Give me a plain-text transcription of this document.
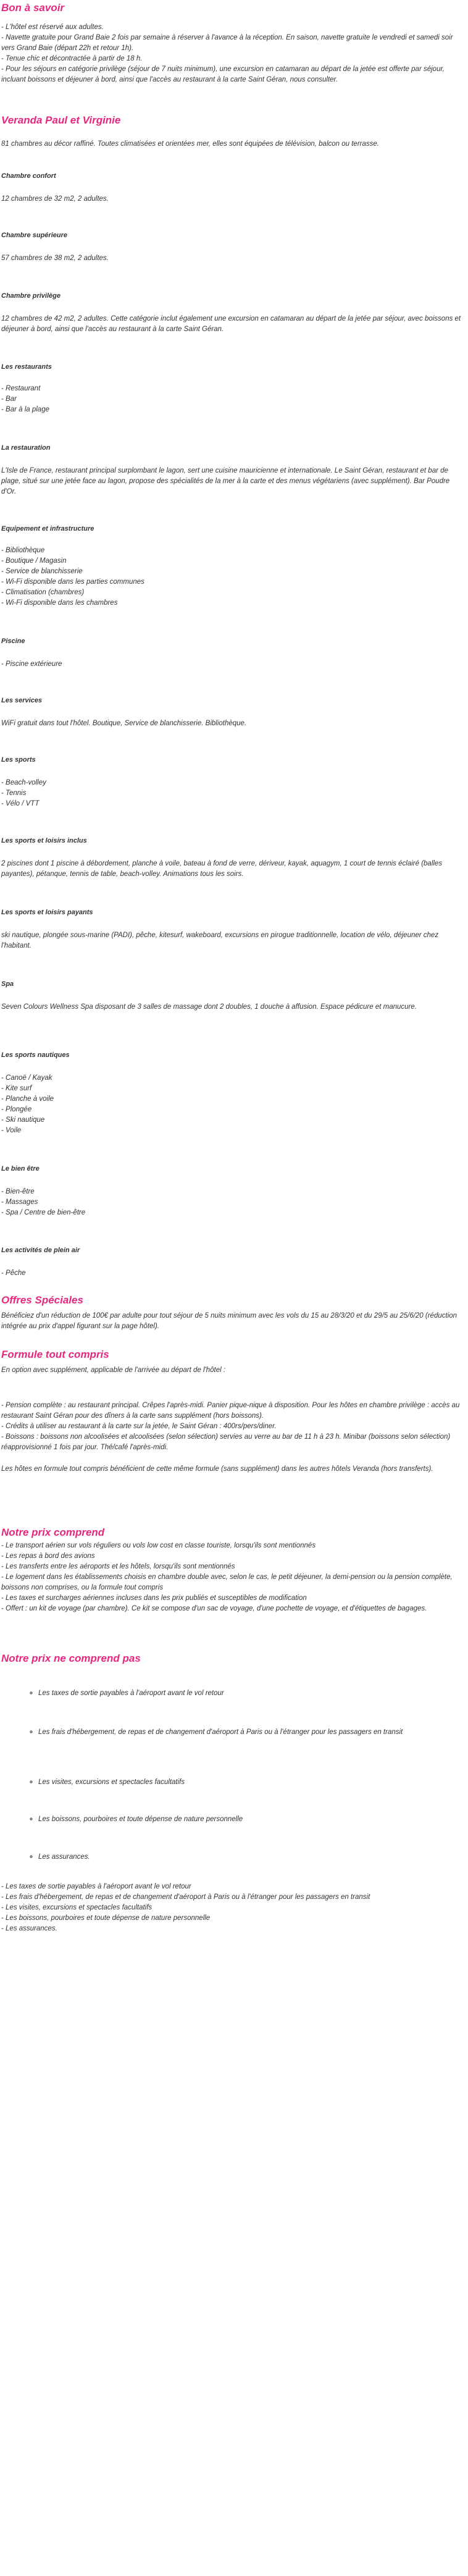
Bon à savoir

- L'hôtel est réservé aux adultes.

- Navette gratuite pour Grand Baie 2 fois par semaine à réserver à l'avance à la réception. En saison, navette gratuite le vendredi et samedi soir vers Grand Baie (départ 22h et retour 1h).

- Tenue chic et décontractée à partir de 18 h.

- Pour les séjours en catégorie privilège (séjour de 7 nuits minimum), une excursion en catamaran au départ de la jetée est offerte par séjour, incluant boissons et déjeuner à bord, ainsi que l'accès au restaurant à la carte Saint Géran, nous consulter.

Veranda Paul et Virginie

81 chambres au décor raffiné. Toutes climatisées et orientées mer, elles sont équipées de télévision, balcon ou terrasse.

Chambre confort

12 chambres de 32 m2, 2 adultes.

Chambre supérieure

57 chambres de 38 m2, 2 adultes.

Chambre privilège

12 chambres de 42 m2, 2 adultes. Cette catégorie inclut également une excursion en catamaran au départ de la jetée par séjour, avec boissons et déjeuner à bord, ainsi que l'accès au restaurant à la carte Saint Géran.

Les restaurants

- Restaurant

- Bar

- Bar à la plage

La restauration

L'Isle de France, restaurant principal surplombant le lagon, sert une cuisine mauricienne et internationale. Le Saint Géran, restaurant et bar de plage, situé sur une jetée face au lagon, propose des spécialités de la mer à la carte et des menus végétariens (avec supplément). Bar Poudre d'Or.

Equipement et infrastructure

- Bibliothèque

- Boutique / Magasin

- Service de blanchisserie

- Wi-Fi disponible dans les parties communes

- Climatisation (chambres)

- Wi-Fi disponible dans les chambres

Piscine

- Piscine extérieure

Les services

WiFi gratuit dans tout l'hôtel. Boutique, Service de blanchisserie. Bibliothèque.

Les sports

- Beach-volley

- Tennis

- Vélo / VTT

Les sports et loisirs inclus

2 piscines dont 1 piscine à débordement, planche à voile, bateau à fond de verre, dériveur, kayak, aquagym, 1 court de tennis éclairé (balles payantes), pétanque, tennis de table, beach-volley. Animations tous les soirs.

Les sports et loisirs payants

ski nautique, plongée sous-marine (PADI), pêche, kitesurf, wakeboard, excursions en pirogue traditionnelle, location de vélo, déjeuner chez l'habitant.

Spa

Seven Colours Wellness Spa disposant de 3 salles de massage dont 2 doubles, 1 douche à affusion. Espace pédicure et manucure.

Les sports nautiques

- Canoë / Kayak

- Kite surf

- Planche à voile

- Plongée

- Ski nautique

- Voile

Le bien être

- Bien-être

- Massages

- Spa / Centre de bien-être

Les activités de plein air

- Pêche

Offres Spéciales

Bénéficiez d'un réduction de 100€ par adulte pour tout séjour de 5 nuits minimum avec les vols du 15 au 28/3/20 et du 29/5 au 25/6/20 (réduction intégrée au prix d'appel figurant sur la page hôtel).

Formule tout compris

En option avec supplément, applicable de l'arrivée au départ de l'hôtel :

- Pension complète : au restaurant principal. Crêpes l'après-midi. Panier pique-nique à disposition. Pour les hôtes en chambre privilège : accès au restaurant Saint Géran pour des dîners à la carte sans supplément (hors boissons).

- Crédits à utiliser au restaurant à la carte sur la jetée, le Saint Géran : 400rs/pers/diner.

- Boissons : boissons non alcoolisées et alcoolisées (selon sélection) servies au verre au bar de 11 h à 23 h. Minibar (boissons selon sélection) réapprovisionné 1 fois par jour. Thé/café l'après-midi.

Les hôtes en formule tout compris bénéficient de cette même formule (sans supplément) dans les autres hôtels Veranda (hors transferts).

Notre prix comprend

- Le transport aérien sur vols réguliers ou vols low cost en classe touriste, lorsqu'ils sont mentionnés

- Les repas à bord des avions

- Les transferts entre les aéroports et les hôtels, lorsqu'ils sont mentionnés

- Le logement dans les établissements choisis en chambre double avec, selon le cas, le petit déjeuner, la demi-pension ou la pension complète, boissons non comprises, ou la formule tout compris

- Les taxes et surcharges aériennes incluses dans les prix publiés et susceptibles de modification

- Offert : un kit de voyage (par chambre). Ce kit se compose d'un sac de voyage, d'une pochette de voyage, et d'étiquettes de bagages.

Notre prix ne comprend pas

◦ Les taxes de sortie payables à l'aéroport avant le vol retour
◦ Les frais d'hébergement, de repas et de changement d'aéroport à Paris ou à l'étranger pour les passagers en transit
◦ Les visites, excursions et spectacles facultatifs
◦ Les boissons, pourboires et toute dépense de nature personnelle
◦ Les assurances.

- Les taxes de sortie payables à l'aéroport avant le vol retour

- Les frais d'hébergement, de repas et de changement d'aéroport à Paris ou à l'étranger pour les passagers en transit

- Les visites, excursions et spectacles facultatifs

- Les boissons, pourboires et toute dépense de nature personnelle

- Les assurances.
